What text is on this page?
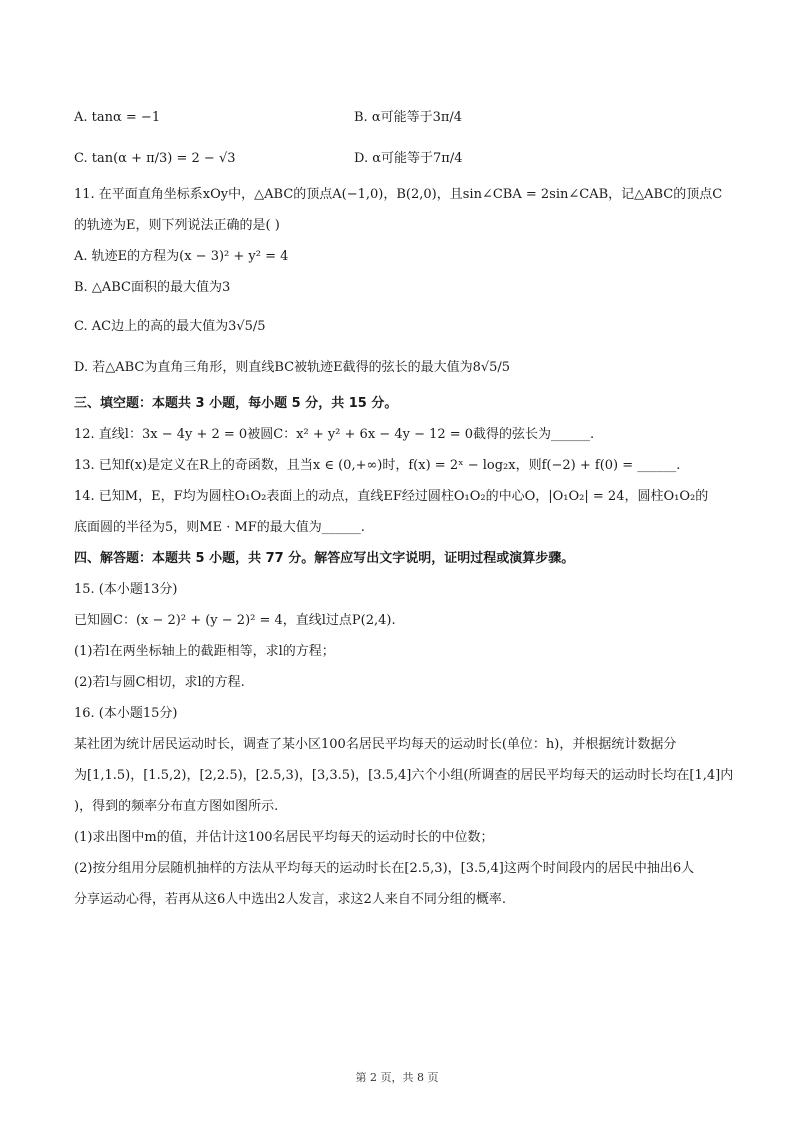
A. tanα = −1	B. α可能等于3π/4
C. tan(α + π/3) = 2 − √3	D. α可能等于7π/4
11. 在平面直角坐标系xOy中，△ABC的顶点A(−1,0)，B(2,0)，且sin∠CBA = 2sin∠CAB，记△ABC的顶点C
的轨迹为E，则下列说法正确的是( )
A. 轨迹E的方程为(x − 3)² + y² = 4
B. △ABC面积的最大值为3
C. AC边上的高的最大值为3√5/5
D. 若△ABC为直角三角形，则直线BC被轨迹E截得的弦长的最大值为8√5/5
三、填空题：本题共 3 小题，每小题 5 分，共 15 分。
12. 直线l：3x − 4y + 2 = 0被圆C：x² + y² + 6x − 4y − 12 = 0截得的弦长为______.
13. 已知f(x)是定义在R上的奇函数，且当x ∈ (0,+∞)时，f(x) = 2ˣ − log₂x，则f(−2) + f(0) = ______.
14. 已知M，E，F均为圆柱O₁O₂表面上的动点，直线EF经过圆柱O₁O₂的中心O，|O₁O₂| = 24，圆柱O₁O₂的
底面圆的半径为5，则ME · MF的最大值为______.
四、解答题：本题共 5 小题，共 77 分。解答应写出文字说明，证明过程或演算步骤。
15. (本小题13分)
已知圆C：(x − 2)² + (y − 2)² = 4，直线l过点P(2,4).
(1)若l在两坐标轴上的截距相等，求l的方程；
(2)若l与圆C相切，求l的方程.
16. (本小题15分)
某社团为统计居民运动时长，调查了某小区100名居民平均每天的运动时长(单位：h)，并根据统计数据分
为[1,1.5)，[1.5,2)，[2,2.5)，[2.5,3)，[3,3.5)，[3.5,4]六个小组(所调查的居民平均每天的运动时长均在[1,4]内
)，得到的频率分布直方图如图所示.
(1)求出图中m的值，并估计这100名居民平均每天的运动时长的中位数；
(2)按分组用分层随机抽样的方法从平均每天的运动时长在[2.5,3)，[3.5,4]这两个时间段内的居民中抽出6人
分享运动心得，若再从这6人中选出2人发言，求这2人来自不同分组的概率.
第 2 页，共 8 页
